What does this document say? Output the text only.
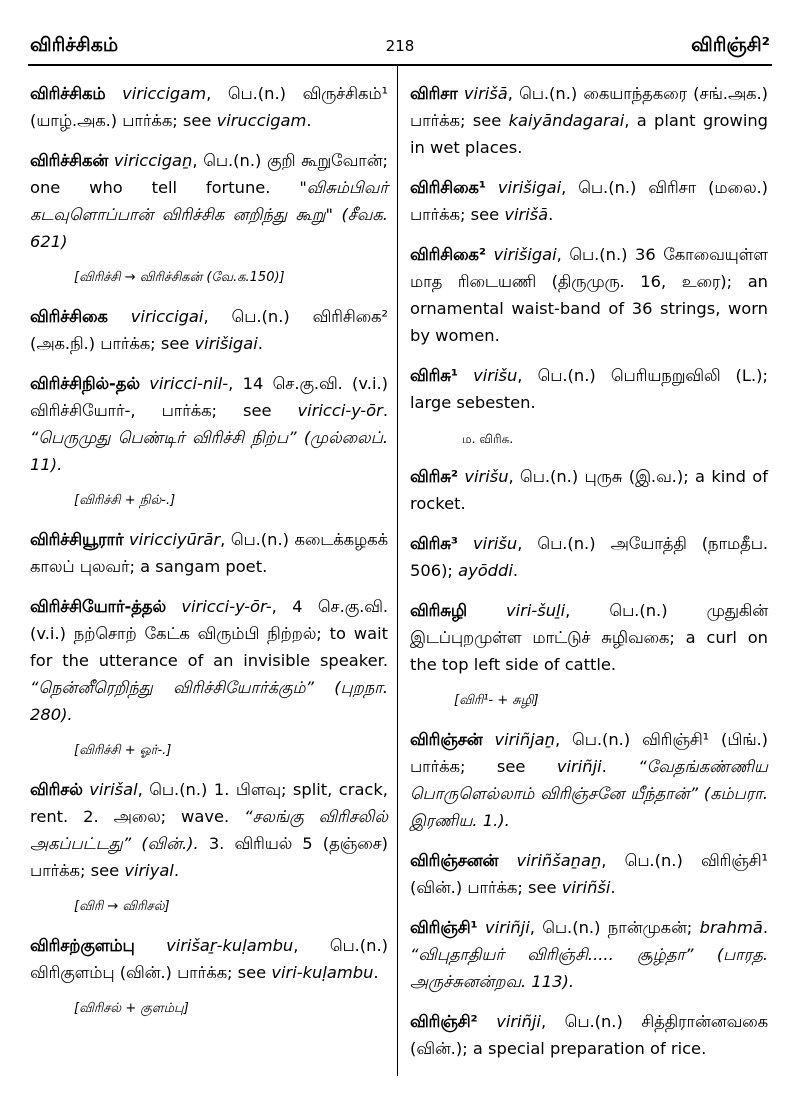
விரிச்சிகம்	218	விரிஞ்சி²
விரிச்சிகம் viriccigam, பெ.(n.) விருச்சிகம்¹ (யாழ்.அக.) பார்க்க; see viruccigam.
விரிச்சிகன் viriccigaṉ, பெ.(n.) குறி கூறுவோன்; one who tell fortune. "விசும்பிவர் கடவுளொப்பான் விரிச்சிக னறிந்து கூறு" (சீவக. 621)
[விரிச்சி → விரிச்சிகன் (வே.க.150)]
விரிச்சிகை viriccigai, பெ.(n.) விரிசிகை² (அக.நி.) பார்க்க; see virišigai.
விரிச்சிநில்-தல் viricci-nil-, 14 செ.கு.வி. (v.i.) விரிச்சியோர்-, பார்க்க; see viricci-y-ōr. “பெருமுது பெண்டிர் விரிச்சி நிற்ப” (முல்லைப். 11).
[விரிச்சி + நில்-.]
விரிச்சியூரார் viricciyūrār, பெ.(n.) கடைக்கழகக் காலப் புலவர்; a sangam poet.
விரிச்சியோர்-த்தல் viricci-y-ōr-, 4 செ.கு.வி. (v.i.) நற்சொற் கேட்க விரும்பி நிற்றல்; to wait for the utterance of an invisible speaker. “நென்னீரெறிந்து விரிச்சியோர்க்கும்” (புறநா. 280).
[விரிச்சி + ஓர்-.]
விரிசல் virišal, பெ.(n.) 1. பிளவு; split, crack, rent. 2. அலை; wave. “சலங்கு விரிசலில் அகப்பட்டது” (வின்.). 3. விரியல் 5 (தஞ்சை) பார்க்க; see viriyal.
[விரி → விரிசல்]
விரிசற்குளம்பு virišaṟ-kuḷambu, பெ.(n.) விரிகுளம்பு (வின்.) பார்க்க; see viri-kuḷambu.
[விரிசல் + குளம்பு]
விரிசா virišā, பெ.(n.) கையாந்தகரை (சங்.அக.) பார்க்க; see kaiyāndagarai, a plant growing in wet places.
விரிசிகை¹ virišigai, பெ.(n.) விரிசா (மலை.) பார்க்க; see virišā.
விரிசிகை² virišigai, பெ.(n.) 36 கோவையுள்ள மாத ரிடையணி (திருமுரு. 16, உரை); an ornamental waist-band of 36 strings, worn by women.
விரிசு¹ virišu, பெ.(n.) பெரியநறுவிலி (L.); large sebesten.
ம. விரிசு.
விரிசு² virišu, பெ.(n.) புருசு (இ.வ.); a kind of rocket.
விரிசு³ virišu, பெ.(n.) அயோத்தி (நாமதீப. 506); ayōddi.
விரிசுழி viri-šuḻi, பெ.(n.) முதுகின் இடப்புறமுள்ள மாட்டுச் சுழிவகை; a curl on the top left side of cattle.
[விரி¹- + சுழி]
விரிஞ்சன் viriñjaṉ, பெ.(n.) விரிஞ்சி¹ (பிங்.) பார்க்க; see viriñji. “வேதங்கண்ணிய பொருளெல்லாம் விரிஞ்சனே யீந்தான்” (கம்பரா. இரணிய. 1.).
விரிஞ்சனன் viriñšaṉaṉ, பெ.(n.) விரிஞ்சி¹ (வின்.) பார்க்க; see viriñši.
விரிஞ்சி¹ viriñji, பெ.(n.) நான்முகன்; brahmā. “விபுதாதியர் விரிஞ்சி..... சூழ்தா” (பாரத. அருச்சுனன்றவ. 113).
விரிஞ்சி² viriñji, பெ.(n.) சித்திரான்னவகை (வின்.); a special preparation of rice.
